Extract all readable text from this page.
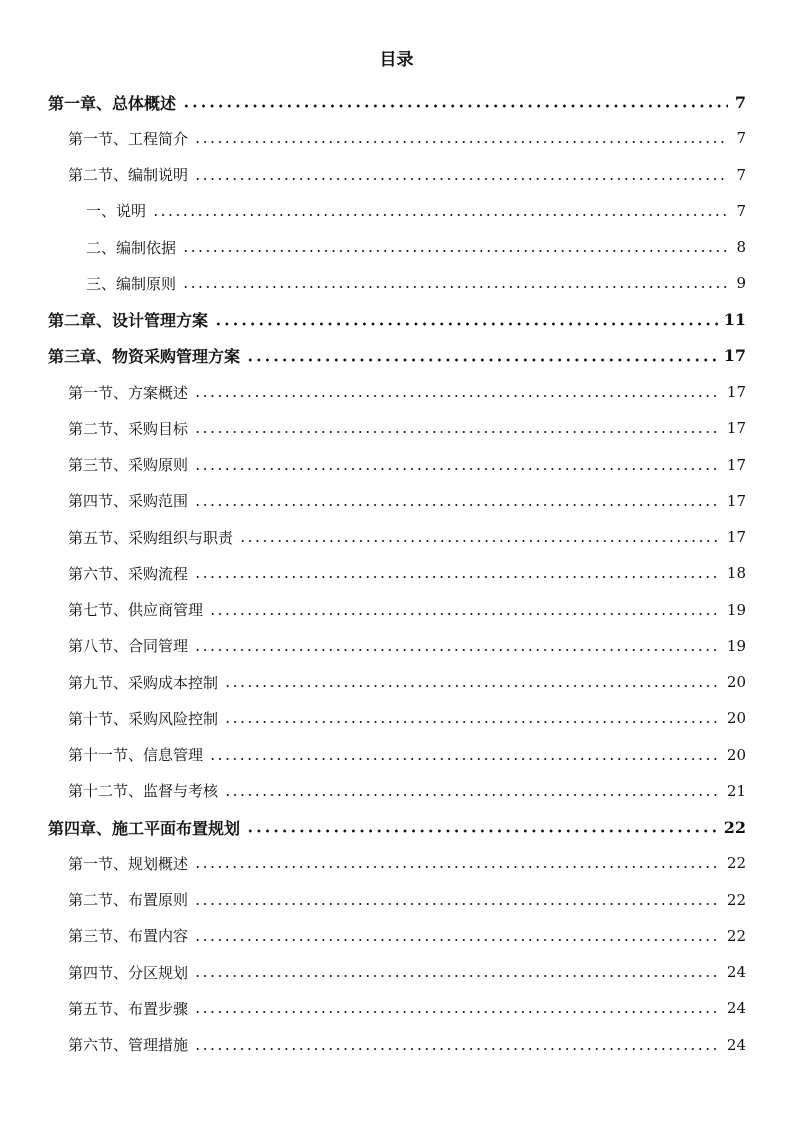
目录
第一章、总体概述	7
第一节、工程简介	7
第二节、编制说明	7
一、说明	7
二、编制依据	8
三、编制原则	9
第二章、设计管理方案	11
第三章、物资采购管理方案	17
第一节、方案概述	17
第二节、采购目标	17
第三节、采购原则	17
第四节、采购范围	17
第五节、采购组织与职责	17
第六节、采购流程	18
第七节、供应商管理	19
第八节、合同管理	19
第九节、采购成本控制	20
第十节、采购风险控制	20
第十一节、信息管理	20
第十二节、监督与考核	21
第四章、施工平面布置规划	22
第一节、规划概述	22
第二节、布置原则	22
第三节、布置内容	22
第四节、分区规划	24
第五节、布置步骤	24
第六节、管理措施	24
